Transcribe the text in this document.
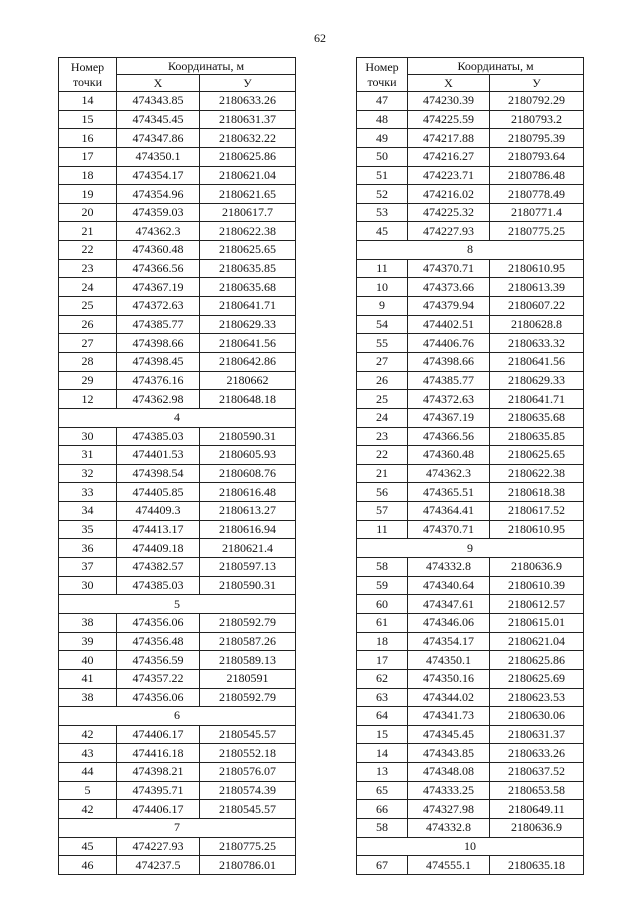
62
Номер
точки	Координаты, м	
	X	У
14	474343.85	2180633.26
15	474345.45	2180631.37
16	474347.86	2180632.22
17	474350.1	2180625.86
18	474354.17	2180621.04
19	474354.96	2180621.65
20	474359.03	2180617.7
21	474362.3	2180622.38
22	474360.48	2180625.65
23	474366.56	2180635.85
24	474367.19	2180635.68
25	474372.63	2180641.71
26	474385.77	2180629.33
27	474398.66	2180641.56
28	474398.45	2180642.86
29	474376.16	2180662
12	474362.98	2180648.18
4		
30	474385.03	2180590.31
31	474401.53	2180605.93
32	474398.54	2180608.76
33	474405.85	2180616.48
34	474409.3	2180613.27
35	474413.17	2180616.94
36	474409.18	2180621.4
37	474382.57	2180597.13
30	474385.03	2180590.31
5		
38	474356.06	2180592.79
39	474356.48	2180587.26
40	474356.59	2180589.13
41	474357.22	2180591
38	474356.06	2180592.79
6		
42	474406.17	2180545.57
43	474416.18	2180552.18
44	474398.21	2180576.07
5	474395.71	2180574.39
42	474406.17	2180545.57
7		
45	474227.93	2180775.25
46	474237.5	2180786.01
Номер
точки	Координаты, м	
	X	У
47	474230.39	2180792.29
48	474225.59	2180793.2
49	474217.88	2180795.39
50	474216.27	2180793.64
51	474223.71	2180786.48
52	474216.02	2180778.49
53	474225.32	2180771.4
45	474227.93	2180775.25
8		
11	474370.71	2180610.95
10	474373.66	2180613.39
9	474379.94	2180607.22
54	474402.51	2180628.8
55	474406.76	2180633.32
27	474398.66	2180641.56
26	474385.77	2180629.33
25	474372.63	2180641.71
24	474367.19	2180635.68
23	474366.56	2180635.85
22	474360.48	2180625.65
21	474362.3	2180622.38
56	474365.51	2180618.38
57	474364.41	2180617.52
11	474370.71	2180610.95
9		
58	474332.8	2180636.9
59	474340.64	2180610.39
60	474347.61	2180612.57
61	474346.06	2180615.01
18	474354.17	2180621.04
17	474350.1	2180625.86
62	474350.16	2180625.69
63	474344.02	2180623.53
64	474341.73	2180630.06
15	474345.45	2180631.37
14	474343.85	2180633.26
13	474348.08	2180637.52
65	474333.25	2180653.58
66	474327.98	2180649.11
58	474332.8	2180636.9
10		
67	474555.1	2180635.18
